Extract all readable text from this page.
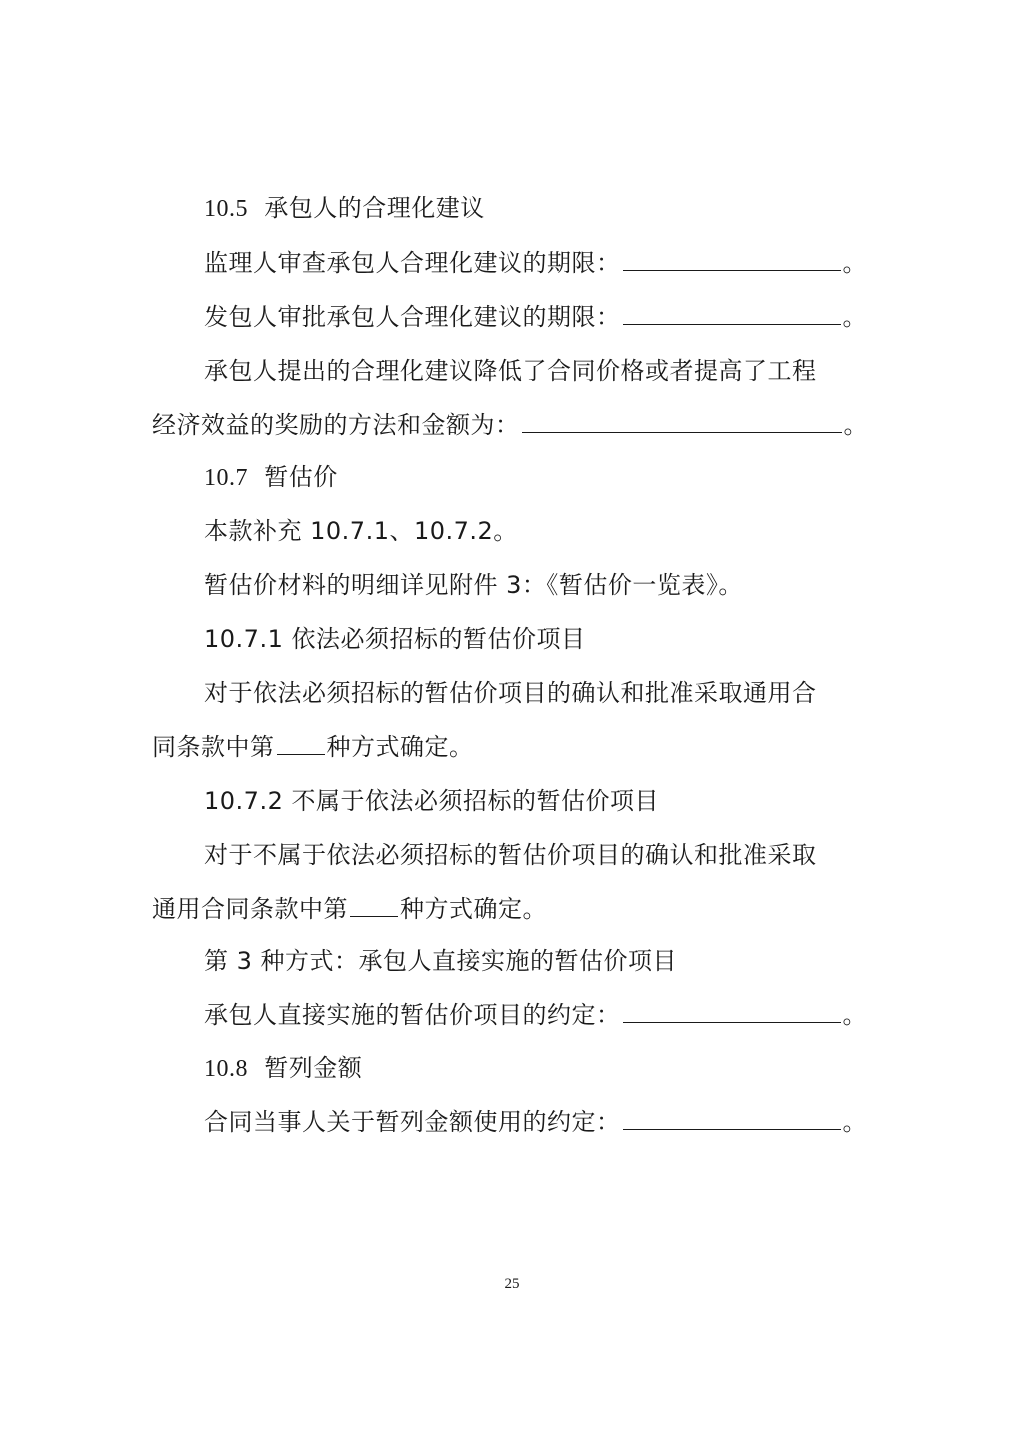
10.5 承包人的合理化建议
监理人审查承包人合理化建议的期限：	。
发包人审批承包人合理化建议的期限：	。
承包人提出的合理化建议降低了合同价格或者提高了工程
经济效益的奖励的方法和金额为：	。
10.7 暂估价
本款补充 10.7.1、10.7.2。
暂估价材料的明细详见附件 3：《暂估价一览表》。
10.7.1 依法必须招标的暂估价项目
对于依法必须招标的暂估价项目的确认和批准采取通用合
同条款中第 种方式确定。
10.7.2 不属于依法必须招标的暂估价项目
对于不属于依法必须招标的暂估价项目的确认和批准采取
通用合同条款中第 种方式确定。
第 3 种方式：承包人直接实施的暂估价项目
承包人直接实施的暂估价项目的约定：	。
10.8 暂列金额
合同当事人关于暂列金额使用的约定：	。
25
